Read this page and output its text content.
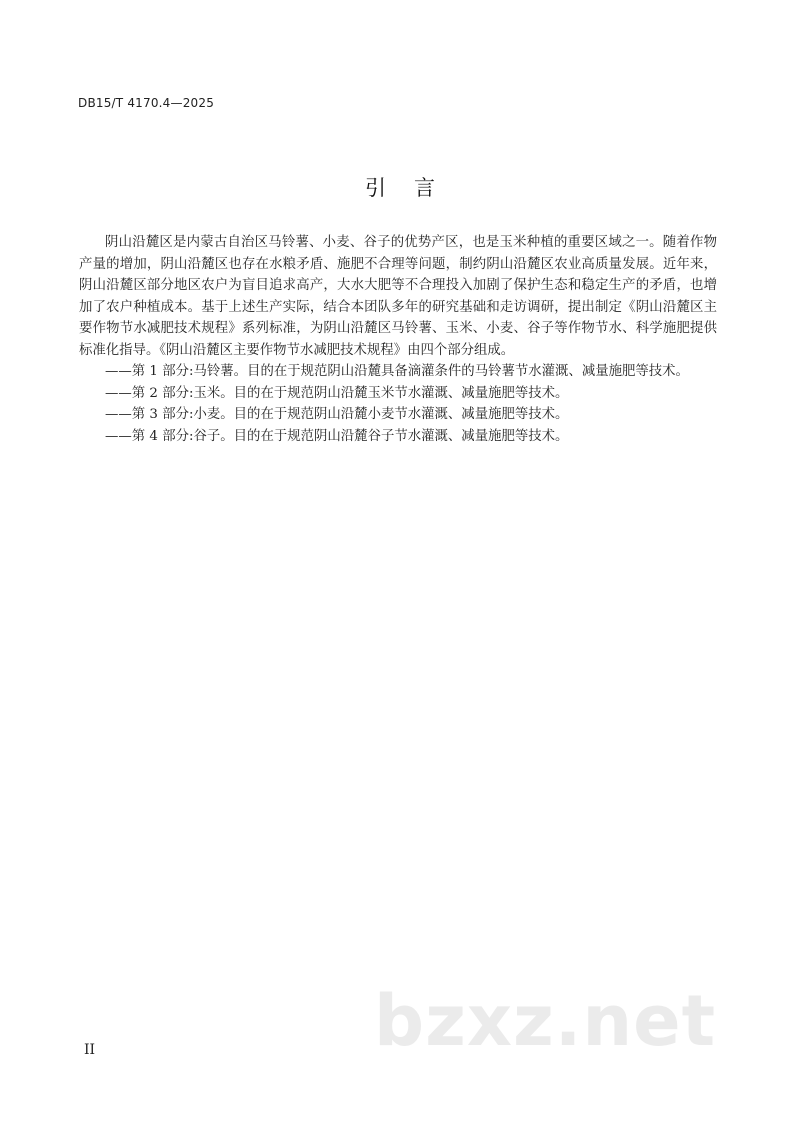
DB15/T 4170.4—2025
引言

阴山沿麓区是内蒙古自治区马铃薯、小麦、谷子的优势产区，也是玉米种植的重要区域之一。随着作物产量的增加，阴山沿麓区也存在水粮矛盾、施肥不合理等问题，制约阴山沿麓区农业高质量发展。近年来，阴山沿麓区部分地区农户为盲目追求高产，大水大肥等不合理投入加剧了保护生态和稳定生产的矛盾，也增加了农户种植成本。基于上述生产实际，结合本团队多年的研究基础和走访调研，提出制定《阴山沿麓区主要作物节水减肥技术规程》系列标准，为阴山沿麓区马铃薯、玉米、小麦、谷子等作物节水、科学施肥提供标准化指导。《阴山沿麓区主要作物节水减肥技术规程》由四个部分组成。

—— 第 1 部分:马铃薯。目的在于规范阴山沿麓具备滴灌条件的马铃薯节水灌溉、减量施肥等技术。
—— 第 2 部分:玉米。目的在于规范阴山沿麓玉米节水灌溉、减量施肥等技术。
—— 第 3 部分:小麦。目的在于规范阴山沿麓小麦节水灌溉、减量施肥等技术。
—— 第 4 部分:谷子。目的在于规范阴山沿麓谷子节水灌溉、减量施肥等技术。
bzxz.net
II
